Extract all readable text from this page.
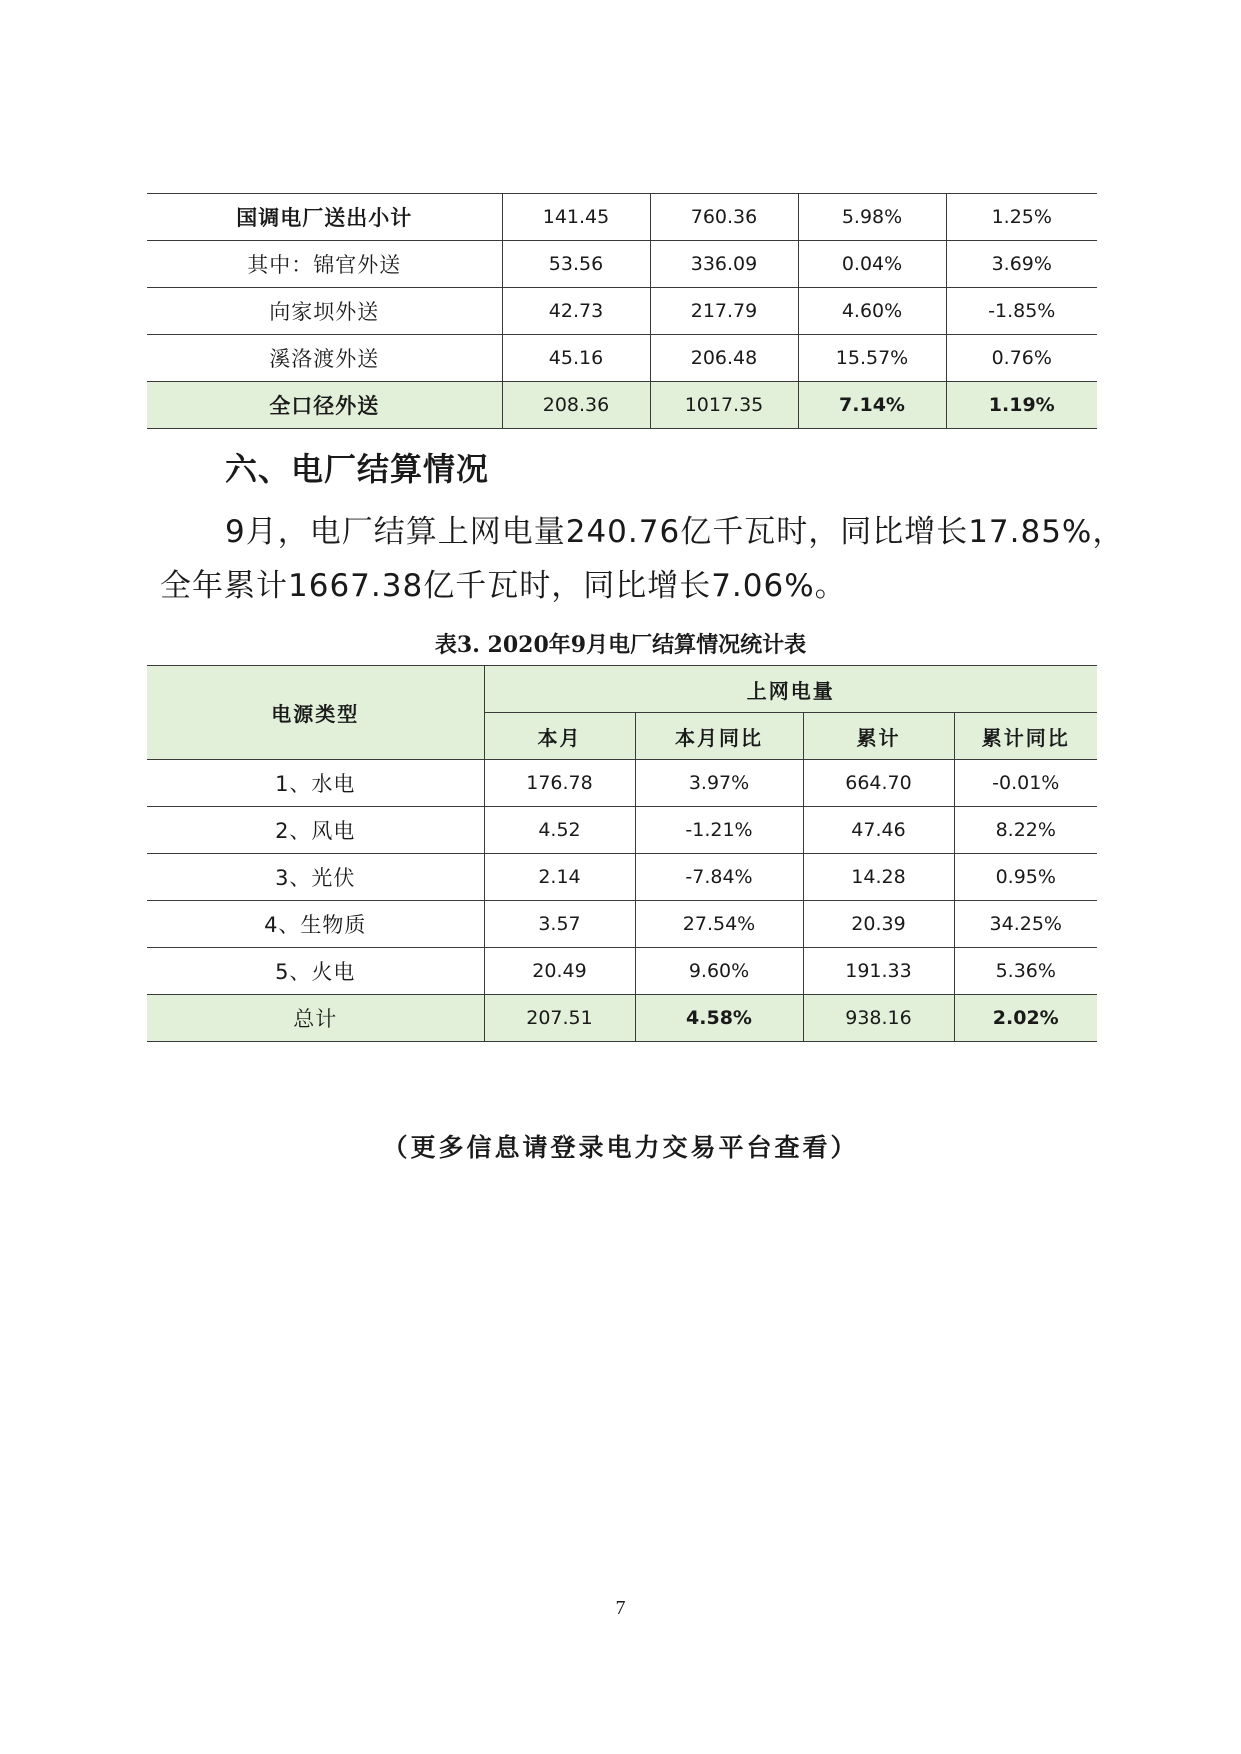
国调电厂送出小计	141.45	760.36	5.98%	1.25%
其中：锦官外送	53.56	336.09	0.04%	3.69%
向家坝外送	42.73	217.79	4.60%	-1.85%
溪洛渡外送	45.16	206.48	15.57%	0.76%
全口径外送	208.36	1017.35	7.14%	1.19%
六、电厂结算情况
9月，电厂结算上网电量240.76亿千瓦时，同比增长17.85%，
全年累计1667.38亿千瓦时，同比增长7.06%。
表3. 2020年9月电厂结算情况统计表
电源类型	上网电量			
	本月	本月同比	累计	累计同比
1、水电	176.78	3.97%	664.70	-0.01%
2、风电	4.52	-1.21%	47.46	8.22%
3、光伏	2.14	-7.84%	14.28	0.95%
4、生物质	3.57	27.54%	20.39	34.25%
5、火电	20.49	9.60%	191.33	5.36%
总计	207.51	4.58%	938.16	2.02%
（更多信息请登录电力交易平台查看）
7
